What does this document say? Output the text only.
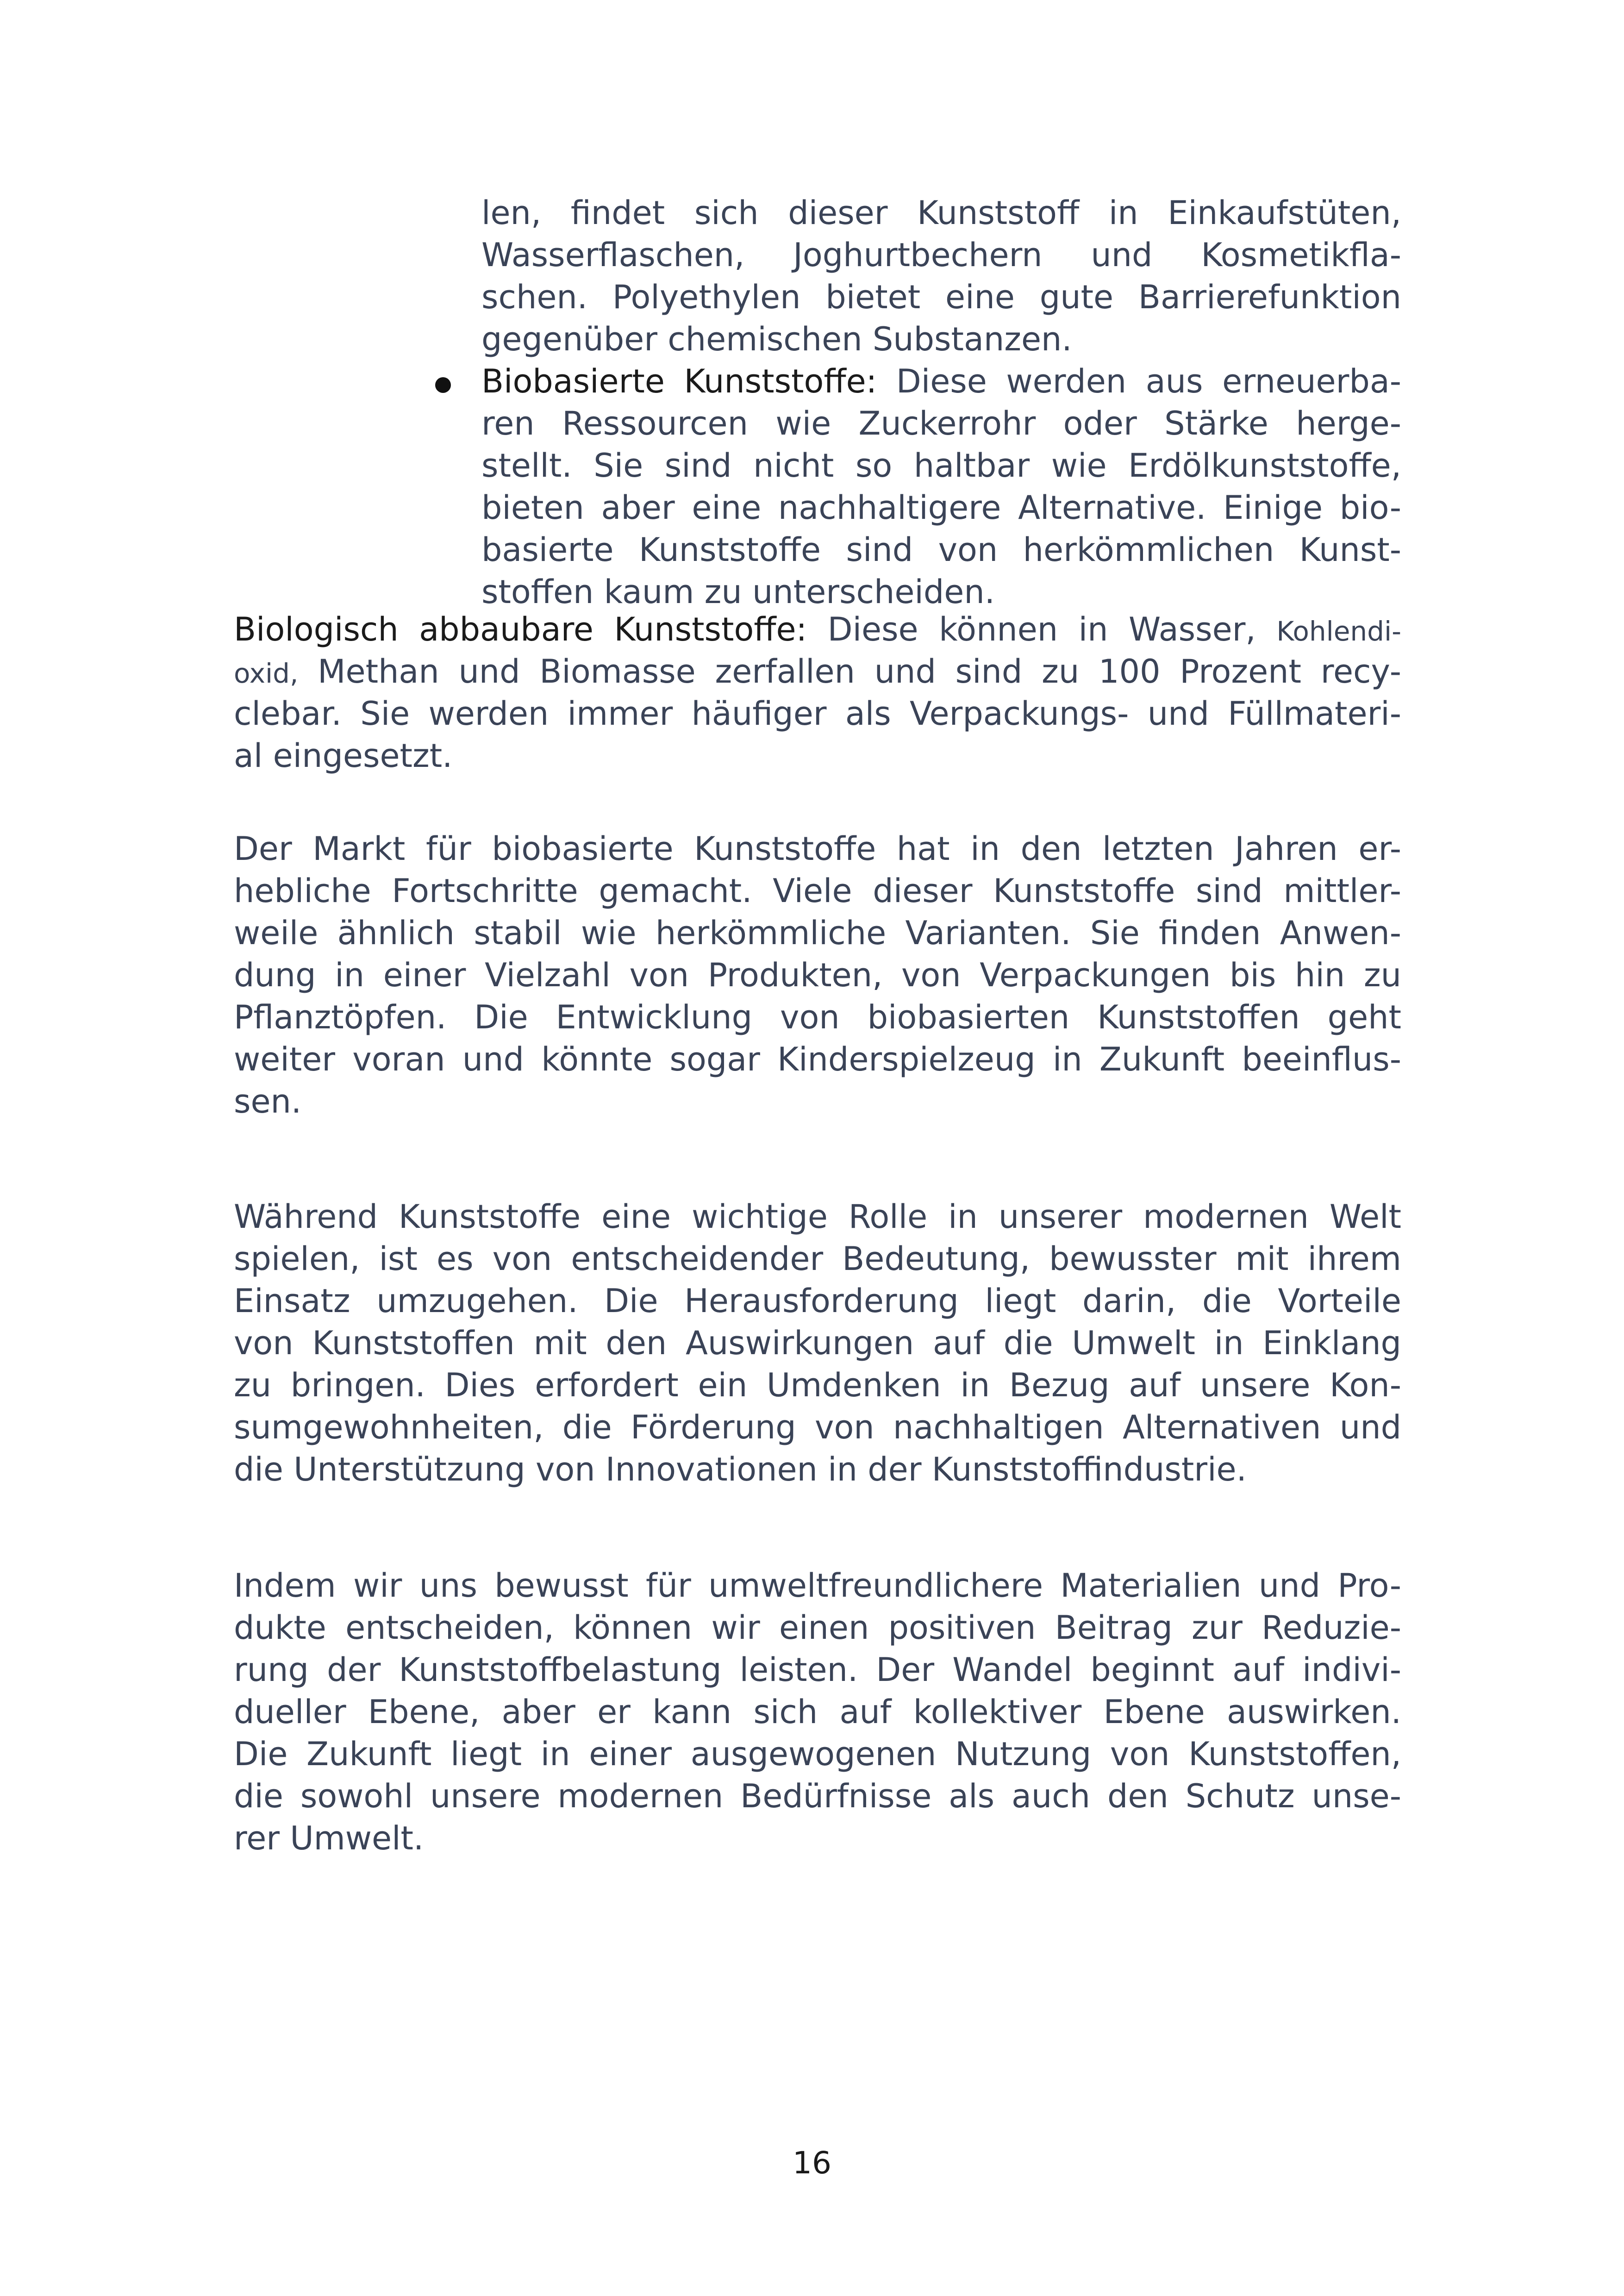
len, findet sich dieser Kunststoff in Einkaufstüten,
Wasserflaschen, Joghurtbechern und Kosmetikfla-
schen. Polyethylen bietet eine gute Barrierefunktion
gegenüber chemischen Substanzen.
Biobasierte Kunststoffe: Diese werden aus erneuerba-
ren Ressourcen wie Zuckerrohr oder Stärke herge-
stellt. Sie sind nicht so haltbar wie Erdölkunststoffe,
bieten aber eine nachhaltigere Alternative. Einige bio-
basierte Kunststoffe sind von herkömmlichen Kunst-
stoffen kaum zu unterscheiden.
Biologisch abbaubare Kunststoffe: Diese können in Wasser, Kohlendi-
oxid, Methan und Biomasse zerfallen und sind zu 100 Prozent recy-
clebar. Sie werden immer häufiger als Verpackungs- und Füllmateri-
al eingesetzt.
Der Markt für biobasierte Kunststoffe hat in den letzten Jahren er-
hebliche Fortschritte gemacht. Viele dieser Kunststoffe sind mittler-
weile ähnlich stabil wie herkömmliche Varianten. Sie finden Anwen-
dung in einer Vielzahl von Produkten, von Verpackungen bis hin zu
Pflanztöpfen. Die Entwicklung von biobasierten Kunststoffen geht
weiter voran und könnte sogar Kinderspielzeug in Zukunft beeinflus-
sen.
Während Kunststoffe eine wichtige Rolle in unserer modernen Welt
spielen, ist es von entscheidender Bedeutung, bewusster mit ihrem
Einsatz umzugehen. Die Herausforderung liegt darin, die Vorteile
von Kunststoffen mit den Auswirkungen auf die Umwelt in Einklang
zu bringen. Dies erfordert ein Umdenken in Bezug auf unsere Kon-
sumgewohnheiten, die Förderung von nachhaltigen Alternativen und
die Unterstützung von Innovationen in der Kunststoffindustrie.
Indem wir uns bewusst für umweltfreundlichere Materialien und Pro-
dukte entscheiden, können wir einen positiven Beitrag zur Reduzie-
rung der Kunststoffbelastung leisten. Der Wandel beginnt auf indivi-
dueller Ebene, aber er kann sich auf kollektiver Ebene auswirken.
Die Zukunft liegt in einer ausgewogenen Nutzung von Kunststoffen,
die sowohl unsere modernen Bedürfnisse als auch den Schutz unse-
rer Umwelt.
16
